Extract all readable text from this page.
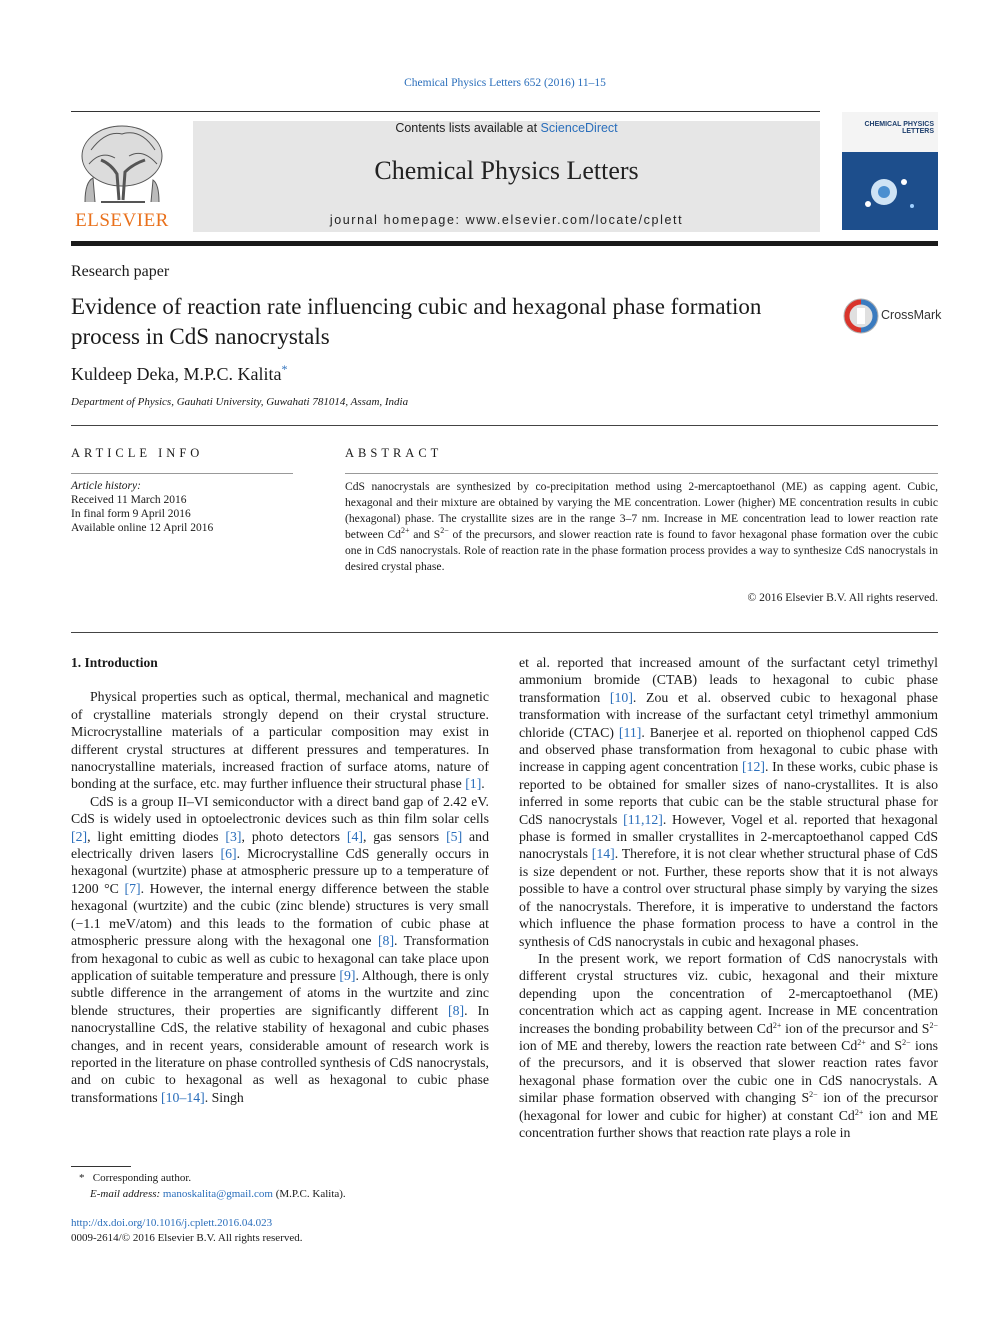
Chemical Physics Letters 652 (2016) 11–15
ELSEVIER
Contents lists available at ScienceDirect
Chemical Physics Letters
journal homepage: www.elsevier.com/locate/cplett
CHEMICAL PHYSICS LETTERS
Research paper
Evidence of reaction rate influencing cubic and hexagonal phase formation process in CdS nanocrystals
CrossMark
Kuldeep Deka, M.P.C. Kalita*
Department of Physics, Gauhati University, Guwahati 781014, Assam, India
ARTICLE INFO
Article history:
Received 11 March 2016
In final form 9 April 2016
Available online 12 April 2016
ABSTRACT
CdS nanocrystals are synthesized by co-precipitation method using 2-mercaptoethanol (ME) as capping agent. Cubic, hexagonal and their mixture are obtained by varying the ME concentration. Lower (higher) ME concentration results in cubic (hexagonal) phase. The crystallite sizes are in the range 3–7 nm. Increase in ME concentration lead to lower reaction rate between $Cd^{2+}$ and $S^{2-}$ of the precursors, and slower reaction rate is found to favor hexagonal phase formation over the cubic one in CdS nanocrystals. Role of reaction rate in the phase formation process provides a way to synthesize CdS nanocrystals in desired crystal phase.
© 2016 Elsevier B.V. All rights reserved.
1. Introduction

Physical properties such as optical, thermal, mechanical and magnetic of crystalline materials strongly depend on their crystal structure. Microcrystalline materials of a particular composition may exist in different crystal structures at different pressures and temperatures. In nanocrystalline materials, increased fraction of surface atoms, nature of bonding at the surface, etc. may further influence their structural phase [1].

CdS is a group II–VI semiconductor with a direct band gap of 2.42 eV. CdS is widely used in optoelectronic devices such as thin film solar cells [2], light emitting diodes [3], photo detectors [4], gas sensors [5] and electrically driven lasers [6]. Microcrystalline CdS generally occurs in hexagonal (wurtzite) phase at atmospheric pressure up to a temperature of 1200 °C [7]. However, the internal energy difference between the stable hexagonal (wurtzite) and the cubic (zinc blende) structures is very small (−1.1 meV/atom) and this leads to the formation of cubic phase at atmospheric pressure along with the hexagonal one [8]. Transformation from hexagonal to cubic as well as cubic to hexagonal can take place upon application of suitable temperature and pressure [9]. Although, there is only subtle difference in the arrangement of atoms in the wurtzite and zinc blende structures, their properties are significantly different [8]. In nanocrystalline CdS, the relative stability of hexagonal and cubic phases changes, and in recent years, considerable amount of research work is reported in the literature on phase controlled synthesis of CdS nanocrystals, and on cubic to hexagonal as well as hexagonal to cubic phase transformations [10–14]. Singh

et al. reported that increased amount of the surfactant cetyl trimethyl ammonium bromide (CTAB) leads to hexagonal to cubic phase transformation [10]. Zou et al. observed cubic to hexagonal phase transformation with increase of the surfactant cetyl trimethyl ammonium chloride (CTAC) [11]. Banerjee et al. reported on thiophenol capped CdS and observed phase transformation from hexagonal to cubic phase with increase in capping agent concentration [12]. In these works, cubic phase is reported to be obtained for smaller sizes of nano-crystallites. It is also inferred in some reports that cubic can be the stable structural phase for CdS nanocrystals [11,12]. However, Vogel et al. reported that hexagonal phase is formed in smaller crystallites in 2-mercaptoethanol capped CdS nanocrystals [14]. Therefore, it is not clear whether structural phase of CdS is size dependent or not. Further, these reports show that it is not always possible to have a control over structural phase simply by varying the sizes of the nanocrystals. Therefore, it is imperative to understand the factors which influence the phase formation process to have a control in the synthesis of CdS nanocrystals in cubic and hexagonal phases.

In the present work, we report formation of CdS nanocrystals with different crystal structures viz. cubic, hexagonal and their mixture depending upon the concentration of 2-mercaptoethanol (ME) concentration which act as capping agent. Increase in ME concentration increases the bonding probability between $Cd^{2+}$ ion of the precursor and $S^{2-}$ ion of ME and thereby, lowers the reaction rate between $Cd^{2+}$ and $S^{2-}$ ions of the precursors, and it is observed that slower reaction rates favor hexagonal phase formation over the cubic one in CdS nanocrystals. A similar phase formation observed with changing $S^{2-}$ ion of the precursor (hexagonal for lower and cubic for higher) at constant $Cd^{2+}$ ion and ME concentration further shows that reaction rate plays a role in

* Corresponding author.
E-mail address: manoskalita@gmail.com (M.P.C. Kalita).
http://dx.doi.org/10.1016/j.cplett.2016.04.023
0009-2614/© 2016 Elsevier B.V. All rights reserved.
